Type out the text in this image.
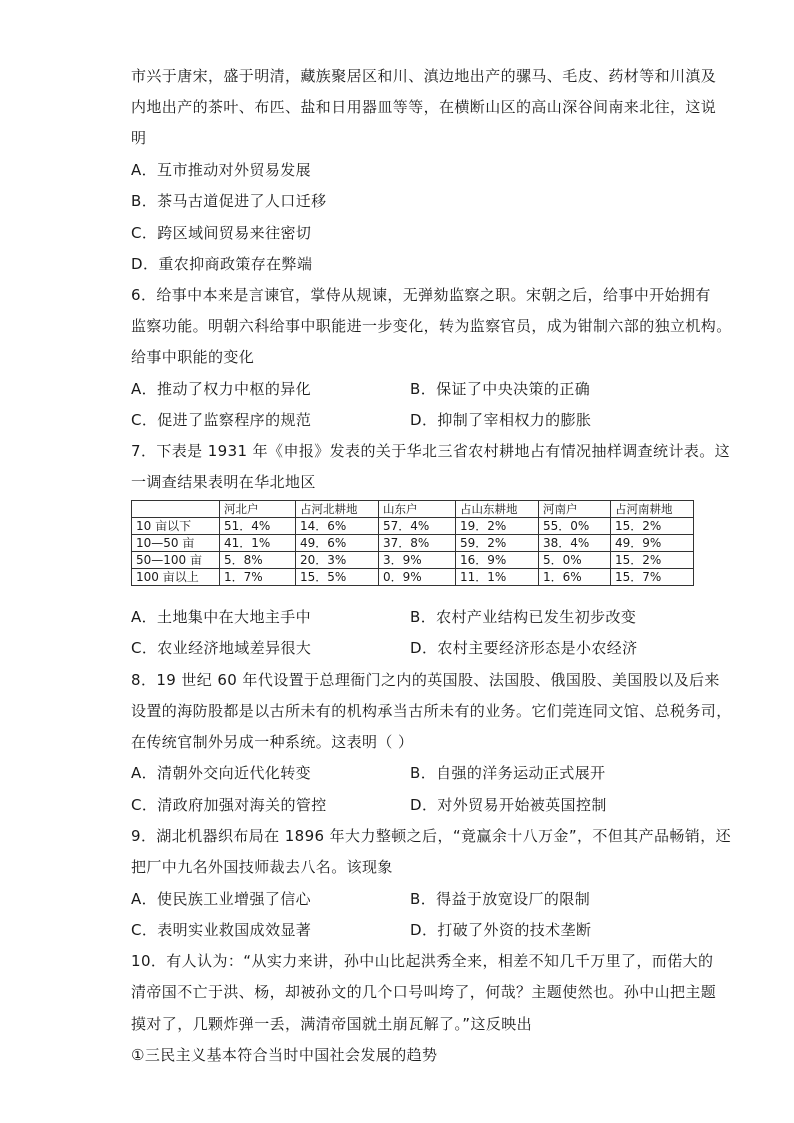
市兴于唐宋，盛于明清，藏族聚居区和川、滇边地出产的骡马、毛皮、药材等和川滇及
内地出产的茶叶、布匹、盐和日用器皿等等，在横断山区的高山深谷间南来北往，这说
明
A．互市推动对外贸易发展
B．茶马古道促进了人口迁移
C．跨区域间贸易来往密切
D．重农抑商政策存在弊端
6．给事中本来是言谏官，掌侍从规谏，无弹劾监察之职。宋朝之后，给事中开始拥有
监察功能。明朝六科给事中职能进一步变化，转为监察官员，成为钳制六部的独立机构。
给事中职能的变化
A．推动了权力中枢的异化	B．保证了中央决策的正确
C．促进了监察程序的规范	D．抑制了宰相权力的膨胀
7．下表是 1931 年《申报》发表的关于华北三省农村耕地占有情况抽样调查统计表。这
一调查结果表明在华北地区
	河北户	占河北耕地	山东户	占山东耕地	河南户	占河南耕地
10 亩以下	51．4%	14．6%	57．4%	19．2%	55．0%	15．2%
10—50 亩	41．1%	49．6%	37．8%	59．2%	38．4%	49．9%
50—100 亩	5．8%	20．3%	3．9%	16．9%	5．0%	15．2%
100 亩以上	1．7%	15．5%	0．9%	11．1%	1．6%	15．7%
A．土地集中在大地主手中	B．农村产业结构已发生初步改变
C．农业经济地域差异很大	D．农村主要经济形态是小农经济
8．19 世纪 60 年代设置于总理衙门之内的英国股、法国股、俄国股、美国股以及后来
设置的海防股都是以古所未有的机构承当古所未有的业务。它们莞连同文馆、总税务司，
在传统官制外另成一种系统。这表明（ ）
A．清朝外交向近代化转变	B．自强的洋务运动正式展开
C．清政府加强对海关的管控	D．对外贸易开始被英国控制
9．湖北机器织布局在 1896 年大力整顿之后，“竟赢余十八万金”，不但其产品畅销，还
把厂中九名外国技师裁去八名。该现象
A．使民族工业增强了信心	B．得益于放宽设厂的限制
C．表明实业救国成效显著	D．打破了外资的技术垄断
10．有人认为：“从实力来讲，孙中山比起洪秀全来，相差不知几千万里了，而偌大的
清帝国不亡于洪、杨，却被孙文的几个口号叫垮了，何哉？主题使然也。孙中山把主题
摸对了，几颗炸弹一丢，满清帝国就土崩瓦解了。”这反映出
①三民主义基本符合当时中国社会发展的趋势
